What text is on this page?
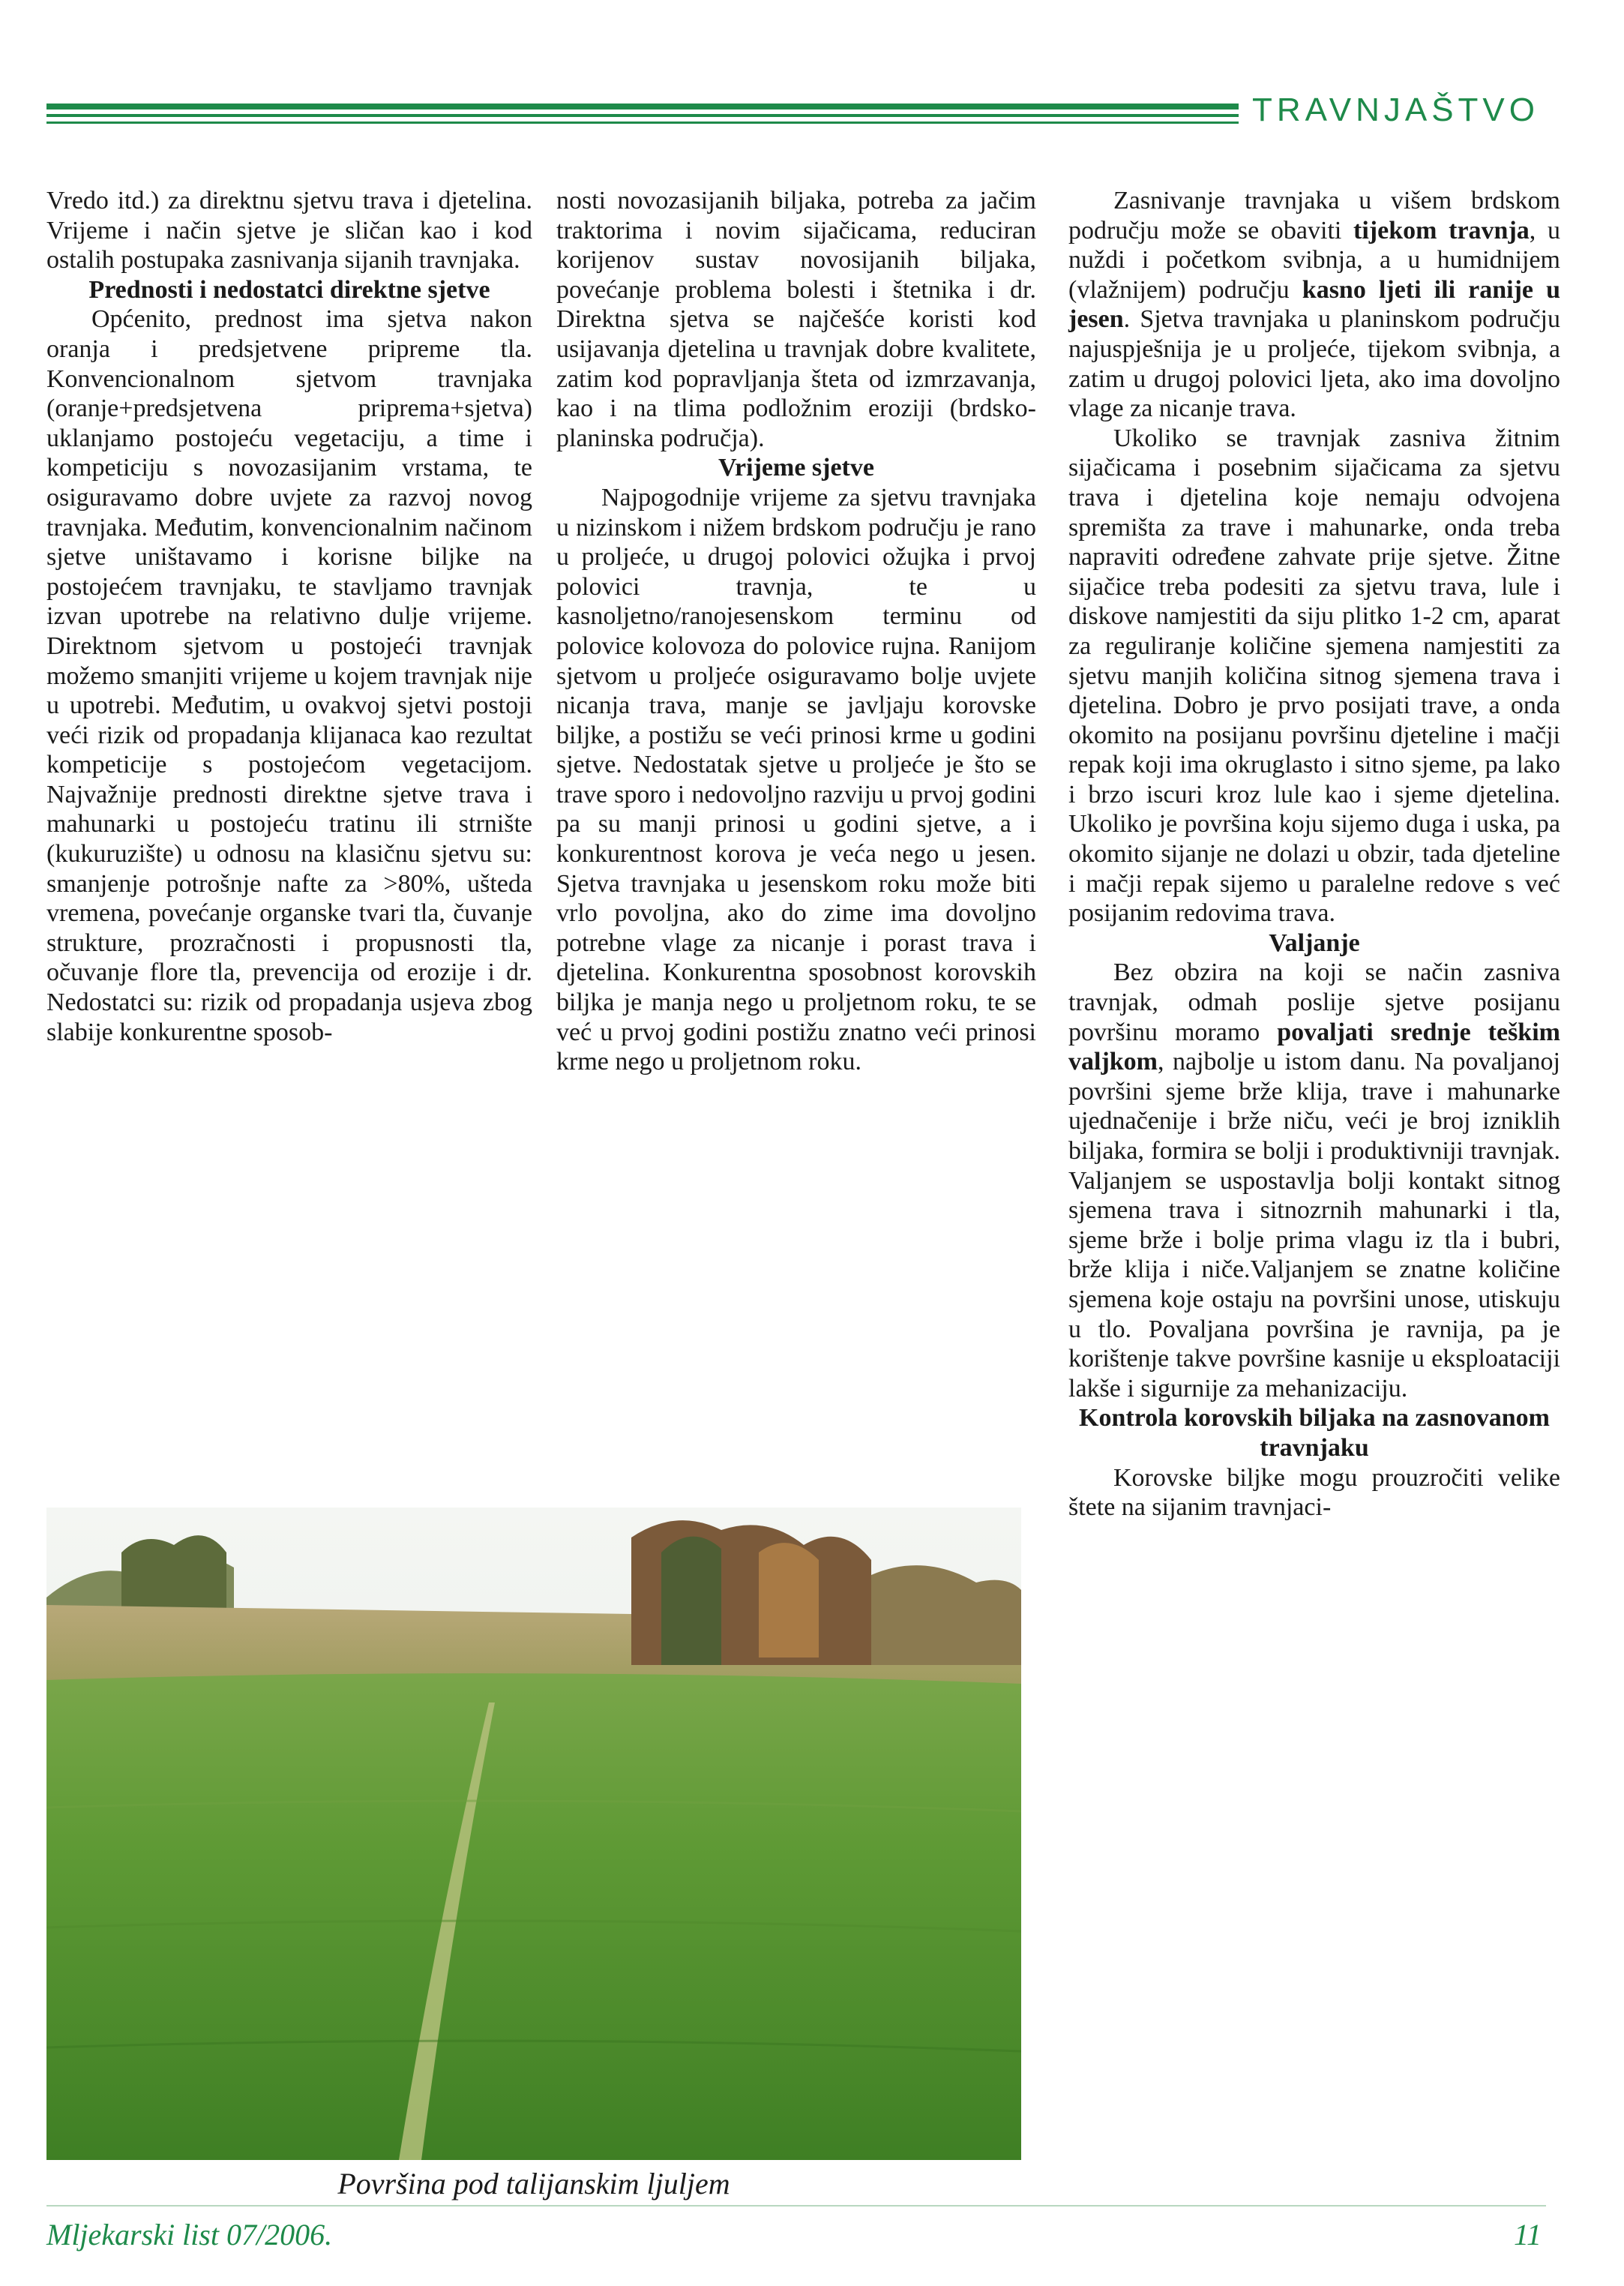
TRAVNJAŠTVO

Vredo itd.) za direktnu sjetvu trava i djetelina. Vrijeme i način sjetve je sličan kao i kod ostalih postupaka zasnivanja sijanih travnjaka.

Prednosti i nedostatci direktne sjetve

Općenito, prednost ima sjetva nakon oranja i predsjetvene pripreme tla. Konvencionalnom sjetvom travnjaka (oranje+predsjetvena priprema+sjetva) uklanjamo postojeću vegetaciju, a time i kompeticiju s novozasijanim vrstama, te osiguravamo dobre uvjete za razvoj novog travnjaka. Međutim, konvencionalnim načinom sjetve uništavamo i korisne biljke na postojećem travnjaku, te stavljamo travnjak izvan upotrebe na relativno dulje vrijeme. Direktnom sjetvom u postojeći travnjak možemo smanjiti vrijeme u kojem travnjak nije u upotrebi. Međutim, u ovakvoj sjetvi postoji veći rizik od propadanja klijanaca kao rezultat kompeticije s postojećom vegetacijom. Najvažnije prednosti direktne sjetve trava i mahunarki u postojeću tratinu ili strnište (kukuruzište) u odnosu na klasičnu sjetvu su: smanjenje potrošnje nafte za >80%, ušteda vremena, povećanje organske tvari tla, čuvanje strukture, prozračnosti i propusnosti tla, očuvanje flore tla, prevencija od erozije i dr. Nedostatci su: rizik od propadanja usjeva zbog slabije konkurentne sposob-

nosti novozasijanih biljaka, potreba za jačim traktorima i novim sijačicama, reduciran korijenov sustav novosijanih biljaka, povećanje problema bolesti i štetnika i dr. Direktna sjetva se najčešće koristi kod usijavanja djetelina u travnjak dobre kvalitete, zatim kod popravljanja šteta od izmrzavanja, kao i na tlima podložnim eroziji (brdsko-planinska područja).

Vrijeme sjetve

Najpogodnije vrijeme za sjetvu travnjaka u nizinskom i nižem brdskom području je rano u proljeće, u drugoj polovici ožujka i prvoj polovici travnja, te u kasnoljetno/ranojesenskom terminu od polovice kolovoza do polovice rujna. Ranijom sjetvom u proljeće osiguravamo bolje uvjete nicanja trava, manje se javljaju korovske biljke, a postižu se veći prinosi krme u godini sjetve. Nedostatak sjetve u proljeće je što se trave sporo i nedovoljno razviju u prvoj godini pa su manji prinosi u godini sjetve, a i konkurentnost korova je veća nego u jesen. Sjetva travnjaka u jesenskom roku može biti vrlo povoljna, ako do zime ima dovoljno potrebne vlage za nicanje i porast trava i djetelina. Konkurentna sposobnost korovskih biljka je manja nego u proljetnom roku, te se već u prvoj godini postižu znatno veći prinosi krme nego u proljetnom roku.

Zasnivanje travnjaka u višem brdskom području može se obaviti tijekom travnja, u nuždi i početkom svibnja, a u humidnijem (vlažnijem) području kasno ljeti ili ranije u jesen. Sjetva travnjaka u planinskom području najuspješnija je u proljeće, tijekom svibnja, a zatim u drugoj polovici ljeta, ako ima dovoljno vlage za nicanje trava.

Ukoliko se travnjak zasniva žitnim sijačicama i posebnim sijačicama za sjetvu trava i djetelina koje nemaju odvojena spremišta za trave i mahunarke, onda treba napraviti određene zahvate prije sjetve. Žitne sijačice treba podesiti za sjetvu trava, lule i diskove namjestiti da siju plitko 1-2 cm, aparat za reguliranje količine sjemena namjestiti za sjetvu manjih količina sitnog sjemena trava i djetelina. Dobro je prvo posijati trave, a onda okomito na posijanu površinu djeteline i mačji repak koji ima okruglasto i sitno sjeme, pa lako i brzo iscuri kroz lule kao i sjeme djetelina. Ukoliko je površina koju sijemo duga i uska, pa okomito sijanje ne dolazi u obzir, tada djeteline i mačji repak sijemo u paralelne redove s već posijanim redovima trava.

Valjanje

Bez obzira na koji se način zasniva travnjak, odmah poslije sjetve posijanu površinu moramo povaljati srednje teškim valjkom, najbolje u istom danu. Na povaljanoj površini sjeme brže klija, trave i mahunarke ujednačenije i brže niču, veći je broj izniklih biljaka, formira se bolji i produktivniji travnjak. Valjanjem se uspostavlja bolji kontakt sitnog sjemena trava i sitnozrnih mahunarki i tla, sjeme brže i bolje prima vlagu iz tla i bubri, brže klija i niče.Valjanjem se znatne količine sjemena koje ostaju na površini unose, utiskuju u tlo. Povaljana površina je ravnija, pa je korištenje takve površine kasnije u eksploataciji lakše i sigurnije za mehanizaciju.

Kontrola korovskih biljaka na zasnovanom travnjaku

Korovske biljke mogu prouzročiti velike štete na sijanim travnjaci-

Površina pod talijanskim ljuljem
Mljekarski list 07/2006.	11
